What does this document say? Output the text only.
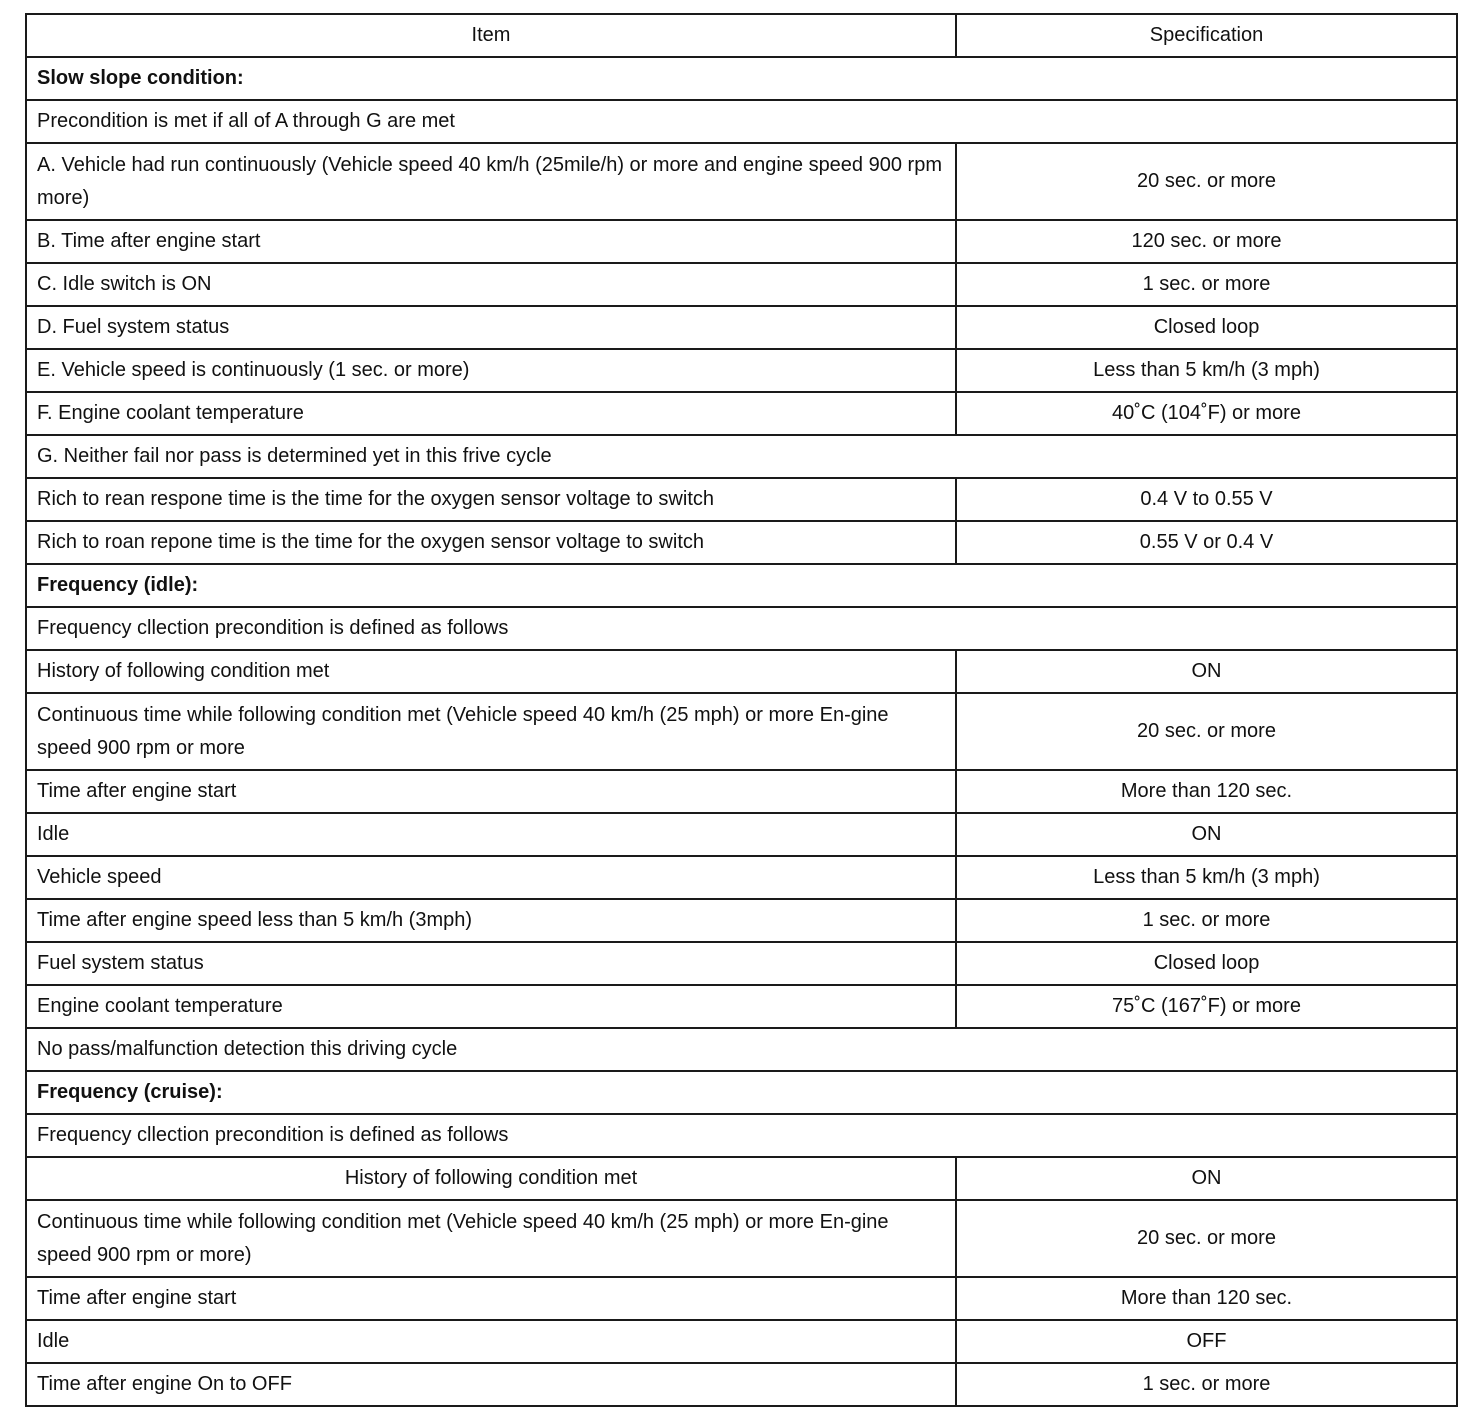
Item	Specification
Slow slope condition:	
Precondition is met if all of A through G are met	
A. Vehicle had run continuously (Vehicle speed 40 km/h (25mile/h) or more and engine speed 900 rpm more)	20 sec. or more
B. Time after engine start	120 sec. or more
C. Idle switch is ON	1 sec. or more
D. Fuel system status	Closed loop
E. Vehicle speed is continuously (1 sec. or more)	Less than 5 km/h (3 mph)
F. Engine coolant temperature	40˚C (104˚F) or more
G. Neither fail nor pass is determined yet in this frive cycle	
Rich to rean respone time is the time for the oxygen sensor voltage to switch	0.4 V to 0.55 V
Rich to roan repone time is the time for the oxygen sensor voltage to switch	0.55 V or 0.4 V
Frequency (idle):	
Frequency cllection precondition is defined as follows	
History of following condition met	ON
Continuous time while following condition met (Vehicle speed 40 km/h (25 mph) or more En-gine speed 900 rpm or more	20 sec. or more
Time after engine start	More than 120 sec.
Idle	ON
Vehicle speed	Less than 5 km/h (3 mph)
Time after engine speed less than 5 km/h (3mph)	1 sec. or more
Fuel system status	Closed loop
Engine coolant temperature	75˚C (167˚F) or more
No pass/malfunction detection this driving cycle	
Frequency (cruise):	
Frequency cllection precondition is defined as follows	
History of following condition met	ON
Continuous time while following condition met (Vehicle speed 40 km/h (25 mph) or more En-gine speed 900 rpm or more)	20 sec. or more
Time after engine start	More than 120 sec.
Idle	OFF
Time after engine On to OFF	1 sec. or more
